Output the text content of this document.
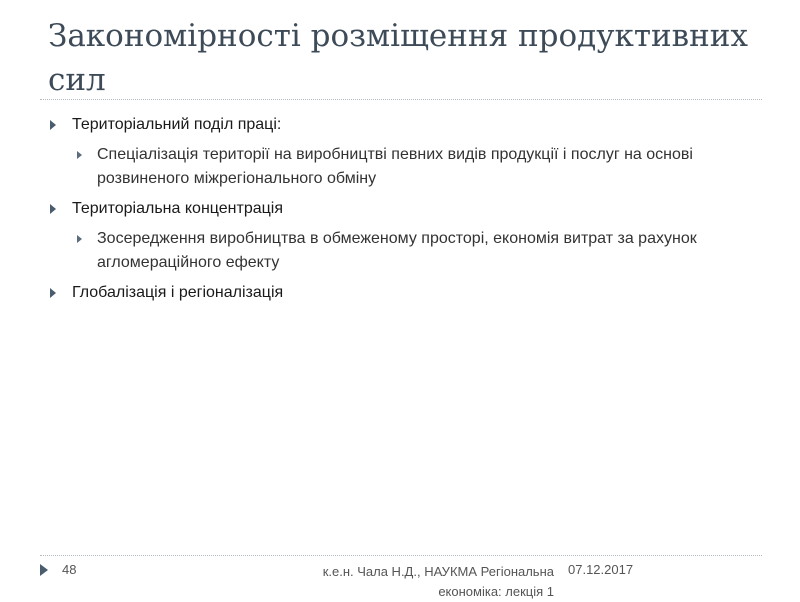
Закономірності розміщення продуктивних сил
Територіальний поділ праці:
Спеціалізація території на виробництві певних видів продукції і послуг на основі розвиненого міжрегіонального обміну
Територіальна концентрація
Зосередження виробництва в обмеженому просторі, економія витрат за рахунок агломераційного ефекту
Глобалізація і регіоналізація
48	к.е.н. Чала Н.Д., НАУКМА Регіональна економіка: лекція 1
07.12.2017
